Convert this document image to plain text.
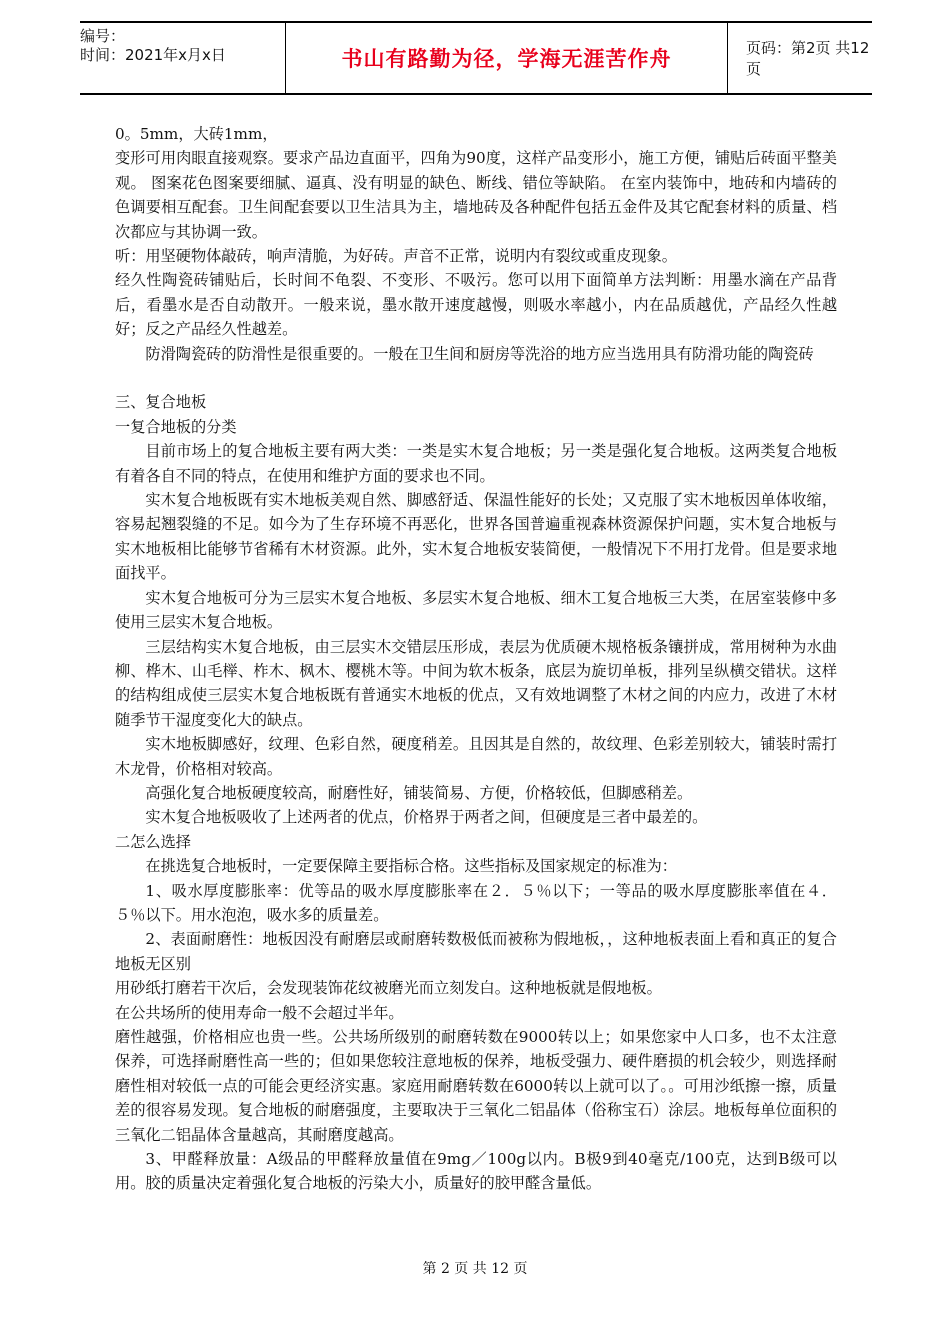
编号：
时间：2021年x月x日	书山有路勤为径，学海无涯苦作舟	页码：第2页 共12页

0。5mm，大砖1mm，

变形可用肉眼直接观察。要求产品边直面平，四角为90度，这样产品变形小，施工方便，铺贴后砖面平整美观。 图案花色图案要细腻、逼真、没有明显的缺色、断线、错位等缺陷。 在室内装饰中，地砖和内墙砖的色调要相互配套。卫生间配套要以卫生洁具为主，墙地砖及各种配件包括五金件及其它配套材料的质量、档次都应与其协调一致。

听：用坚硬物体敲砖，响声清脆，为好砖。声音不正常，说明内有裂纹或重皮现象。

经久性陶瓷砖铺贴后，长时间不龟裂、不变形、不吸污。您可以用下面简单方法判断：用墨水滴在产品背后，看墨水是否自动散开。一般来说，墨水散开速度越慢，则吸水率越小，内在品质越优，产品经久性越好；反之产品经久性越差。

防滑陶瓷砖的防滑性是很重要的。一般在卫生间和厨房等洗浴的地方应当选用具有防滑功能的陶瓷砖

三、复合地板

一复合地板的分类

目前市场上的复合地板主要有两大类：一类是实木复合地板；另一类是强化复合地板。这两类复合地板有着各自不同的特点，在使用和维护方面的要求也不同。

实木复合地板既有实木地板美观自然、脚感舒适、保温性能好的长处；又克服了实木地板因单体收缩，容易起翘裂缝的不足。如今为了生存环境不再恶化，世界各国普遍重视森林资源保护问题，实木复合地板与实木地板相比能够节省稀有木材资源。此外，实木复合地板安装简便，一般情况下不用打龙骨。但是要求地面找平。

实木复合地板可分为三层实木复合地板、多层实木复合地板、细木工复合地板三大类，在居室装修中多使用三层实木复合地板。

三层结构实木复合地板，由三层实木交错层压形成，表层为优质硬木规格板条镶拼成，常用树种为水曲柳、桦木、山毛榉、柞木、枫木、樱桃木等。中间为软木板条，底层为旋切单板，排列呈纵横交错状。这样的结构组成使三层实木复合地板既有普通实木地板的优点，又有效地调整了木材之间的内应力，改进了木材随季节干湿度变化大的缺点。

实木地板脚感好，纹理、色彩自然，硬度稍差。且因其是自然的，故纹理、色彩差别较大，铺装时需打木龙骨，价格相对较高。

高强化复合地板硬度较高，耐磨性好，铺装简易、方便，价格较低，但脚感稍差。

实木复合地板吸收了上述两者的优点，价格界于两者之间，但硬度是三者中最差的。

二怎么选择

在挑选复合地板时，一定要保障主要指标合格。这些指标及国家规定的标准为：

1、吸水厚度膨胀率：优等品的吸水厚度膨胀率在２．５％以下；一等品的吸水厚度膨胀率值在４．５％以下。用水泡泡，吸水多的质量差。

2、表面耐磨性：地板因没有耐磨层或耐磨转数极低而被称为假地板，，这种地板表面上看和真正的复合地板无区别

用砂纸打磨若干次后，会发现装饰花纹被磨光而立刻发白。这种地板就是假地板。

在公共场所的使用寿命一般不会超过半年。

磨性越强，价格相应也贵一些。公共场所级别的耐磨转数在9000转以上；如果您家中人口多，也不太注意保养，可选择耐磨性高一些的；但如果您较注意地板的保养，地板受强力、硬件磨损的机会较少，则选择耐磨性相对较低一点的可能会更经济实惠。家庭用耐磨转数在6000转以上就可以了。。可用沙纸擦一擦，质量差的很容易发现。复合地板的耐磨强度，主要取决于三氧化二铝晶体（俗称宝石）涂层。地板每单位面积的三氧化二铝晶体含量越高，其耐磨度越高。

3、甲醛释放量：A级品的甲醛释放量值在9mg／100g以内。B极9到40毫克/100克，达到B级可以用。胶的质量决定着强化复合地板的污染大小，质量好的胶甲醛含量低。

第 2 页 共 12 页
